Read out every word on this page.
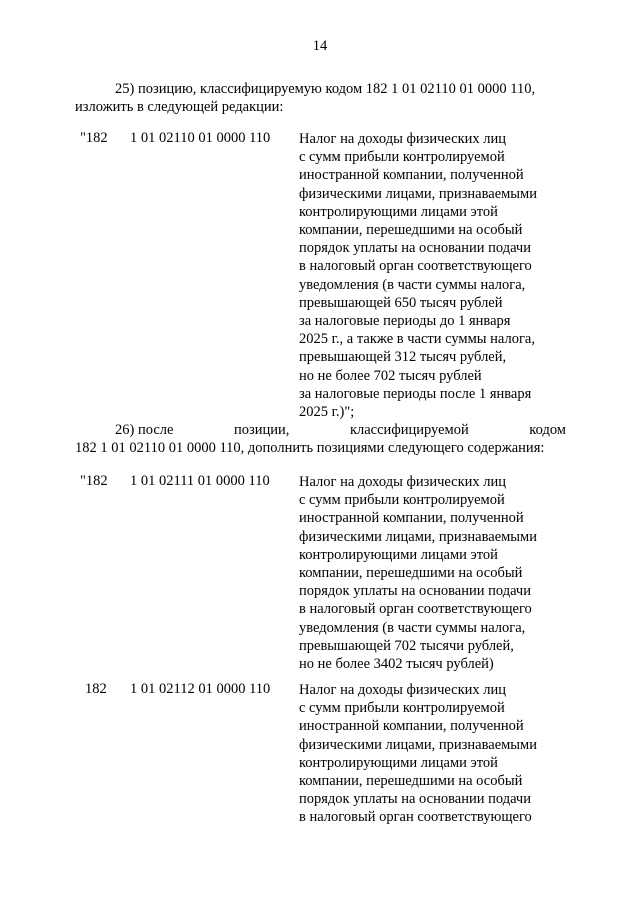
14
25) позицию, классифицируемую кодом 182 1 01 02110 01 0000 110,
изложить в следующей редакции:
"182 1 01 02110 01 0000 110 Налог на доходы физических лиц
с сумм прибыли контролируемой
иностранной компании, полученной
физическими лицами, признаваемыми
контролирующими лицами этой
компании, перешедшими на особый
порядок уплаты на основании подачи
в налоговый орган соответствующего
уведомления (в части суммы налога,
превышающей 650 тысяч рублей
за налоговые периоды до 1 января
2025 г., а также в части суммы налога,
превышающей 312 тысяч рублей,
но не более 702 тысяч рублей
за налоговые периоды после 1 января
2025 г.)";
26) после	позиции,	классифицируемой	кодом
182 1 01 02110 01 0000 110, дополнить позициями следующего содержания:
"182 1 01 02111 01 0000 110 Налог на доходы физических лиц
с сумм прибыли контролируемой
иностранной компании, полученной
физическими лицами, признаваемыми
контролирующими лицами этой
компании, перешедшими на особый
порядок уплаты на основании подачи
в налоговый орган соответствующего
уведомления (в части суммы налога,
превышающей 702 тысячи рублей,
но не более 3402 тысяч рублей)
182 1 01 02112 01 0000 110 Налог на доходы физических лиц
с сумм прибыли контролируемой
иностранной компании, полученной
физическими лицами, признаваемыми
контролирующими лицами этой
компании, перешедшими на особый
порядок уплаты на основании подачи
в налоговый орган соответствующего
